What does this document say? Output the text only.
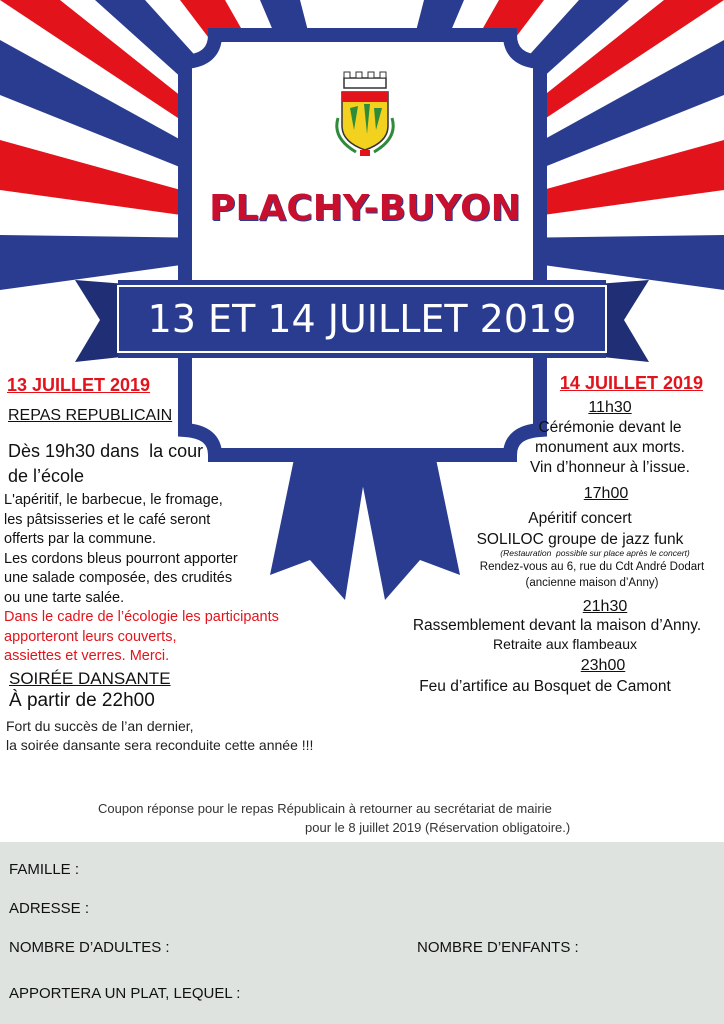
PLACHY-BUYON
13 ET 14 JUILLET 2019
13 JUILLET 2019
REPAS REPUBLICAIN
Dès 19h30 dans  la cour
de l’école
L'apéritif, le barbecue, le fromage,
les pâtsisseries et le café seront
offerts par la commune.
Les cordons bleus pourront apporter
une salade composée, des crudités
ou une tarte salée.
Dans le cadre de l’écologie les participants
apporteront leurs couverts,
assiettes et verres. Merci.
SOIRÉE DANSANTE
À partir de 22h00
Fort du succès de l’an dernier,
la soirée dansante sera reconduite cette année !!!
14 JUILLET 2019
11h30
Cérémonie devant le
monument aux morts.
Vin d’honneur à l’issue.
17h00
Apéritif concert
SOLILOC groupe de jazz funk
(Restauration  possible sur place après le concert)
Rendez-vous au 6, rue du Cdt André Dodart
(ancienne maison d’Anny)
21h30
Rassemblement devant la maison d’Anny.
Retraite aux flambeaux
23h00
Feu d’artifice au Bosquet de Camont
Coupon réponse pour le repas Républicain à retourner au secrétariat de mairie
pour le 8 juillet 2019 (Réservation obligatoire.)
FAMILLE :
ADRESSE :
NOMBRE D’ADULTES :	NOMBRE D’ENFANTS :
APPORTERA UN PLAT, LEQUEL :
